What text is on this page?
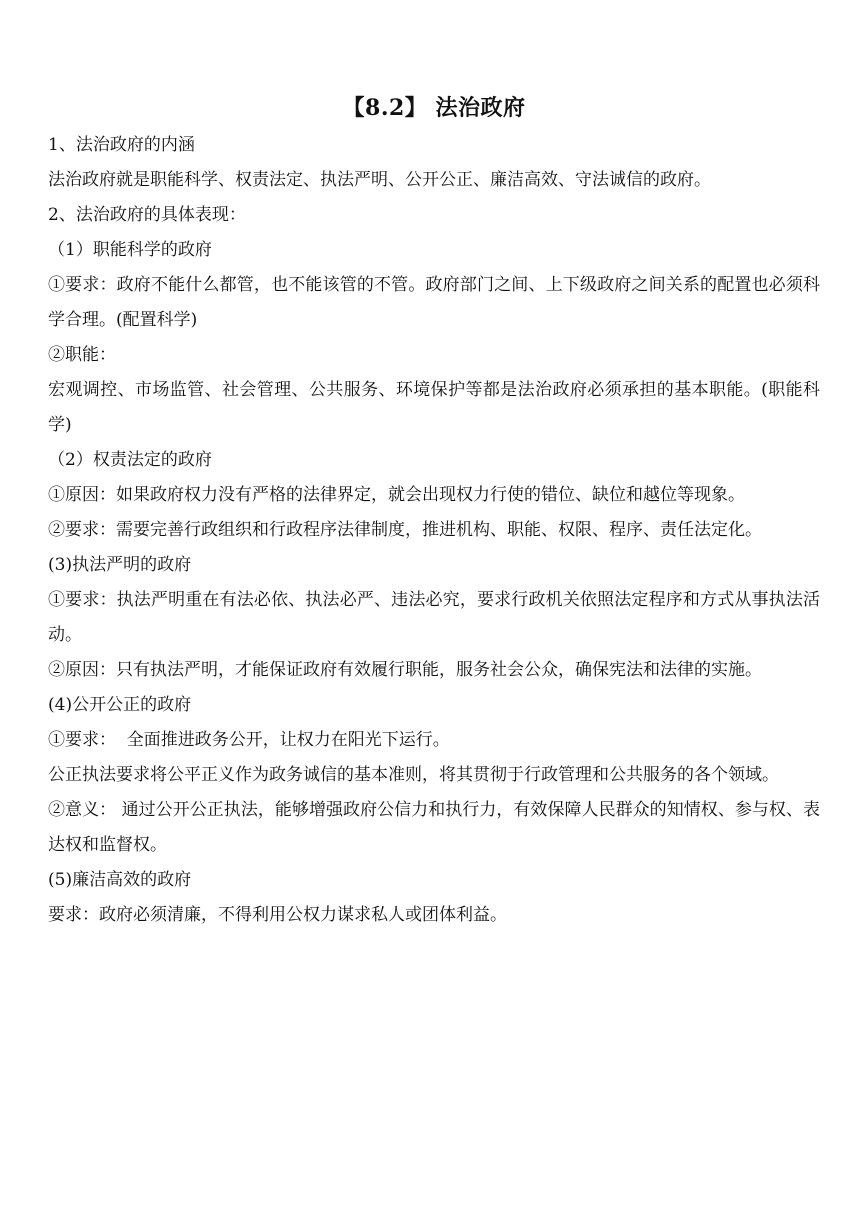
【8.2】 法治政府

1、法治政府的内涵

法治政府就是职能科学、权责法定、执法严明、公开公正、廉洁高效、守法诚信的政府。

2、法治政府的具体表现：

（1）职能科学的政府

①要求：政府不能什么都管，也不能该管的不管。政府部门之间、上下级政府之间关系的配置也必须科学合理。(配置科学)

②职能：

宏观调控、市场监管、社会管理、公共服务、环境保护等都是法治政府必须承担的基本职能。(职能科学)

（2）权责法定的政府

①原因：如果政府权力没有严格的法律界定，就会出现权力行使的错位、缺位和越位等现象。

②要求：需要完善行政组织和行政程序法律制度，推进机构、职能、权限、程序、责任法定化。

(3)执法严明的政府

①要求：执法严明重在有法必依、执法必严、违法必究，要求行政机关依照法定程序和方式从事执法活动。

②原因：只有执法严明，才能保证政府有效履行职能，服务社会公众，确保宪法和法律的实施。

(4)公开公正的政府

①要求：  全面推进政务公开，让权力在阳光下运行。

公正执法要求将公平正义作为政务诚信的基本准则，将其贯彻于行政管理和公共服务的各个领域。

②意义： 通过公开公正执法，能够增强政府公信力和执行力，有效保障人民群众的知情权、参与权、表达权和监督权。

(5)廉洁高效的政府

要求：政府必须清廉，不得利用公权力谋求私人或团体利益。
